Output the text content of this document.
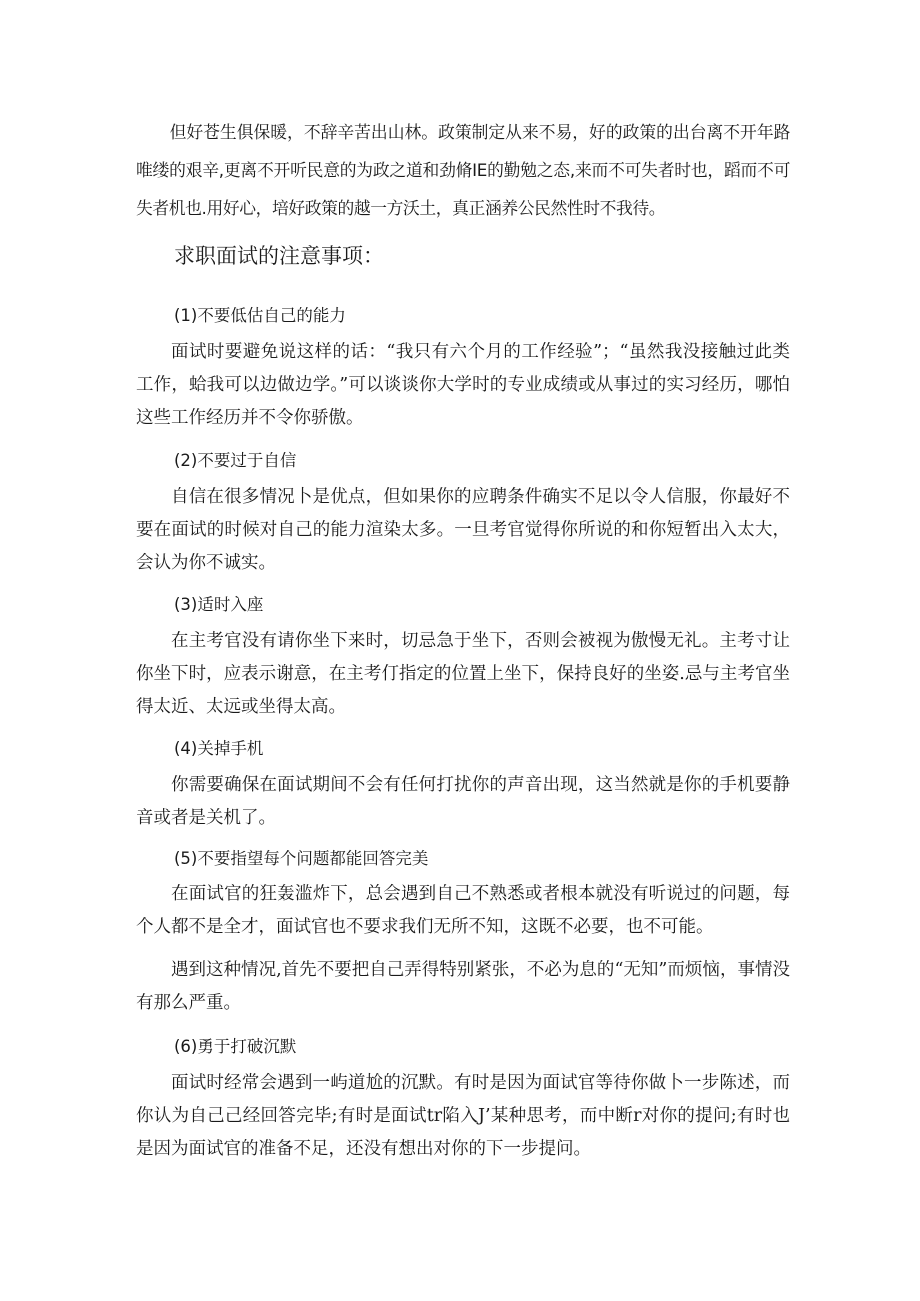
但好苍生俱保暖，不辞辛苦出山林。政策制定从来不易，好的政策的出台离不开年路唯缕的艰辛,更离不开听民意的为政之道和劲脩IE的勤勉之态,来而不可失者时也，蹈而不可失者机也.用好心，培好政策的越一方沃土，真正涵养公民然性时不我待。

求职面试的注意事项：
(1)不要低估自己的能力

面试时要避免说这样的话：“我只有六个月的工作经验”；“虽然我没接触过此类工作，蛤我可以边做边学。”可以谈谈你大学时的专业成绩或从事过的实习经历，哪怕这些工作经历并不令你骄傲。

(2)不要过于自信

自信在很多情况卜是优点，但如果你的应聘条件确实不足以令人信服，你最好不要在面试的时候对自己的能力渲染太多。一旦考官觉得你所说的和你短暂出入太大，会认为你不诚实。

(3)适时入座

在主考官没有请你坐下来时，切忌急于坐下，否则会被视为傲慢无礼。主考寸让你坐下时，应表示谢意，在主考仃指定的位置上坐下，保持良好的坐姿.忌与主考官坐得太近、太远或坐得太高。

(4)关掉手机

你需要确保在面试期间不会有任何打扰你的声音出现，这当然就是你的手机要静音或者是关机了。

(5)不要指望每个问题都能回答完美

在面试官的狂轰滥炸下，总会遇到自己不熟悉或者根本就没有听说过的问题，每个人都不是全才，面试官也不要求我们无所不知，这既不必要，也不可能。

遇到这种情况,首先不要把自己弄得特别紧张，不必为息的“无知”而烦恼，事情没有那么严重。

(6)勇于打破沉默

面试时经常会遇到一屿道尬的沉默。有时是因为面试官等待你做卜一步陈述，而你认为自己己经回答完毕;有时是面试tr陷入J’某种思考，而中断r对你的提问;有时也是因为面试官的准备不足，还没有想出对你的下一步提问。
